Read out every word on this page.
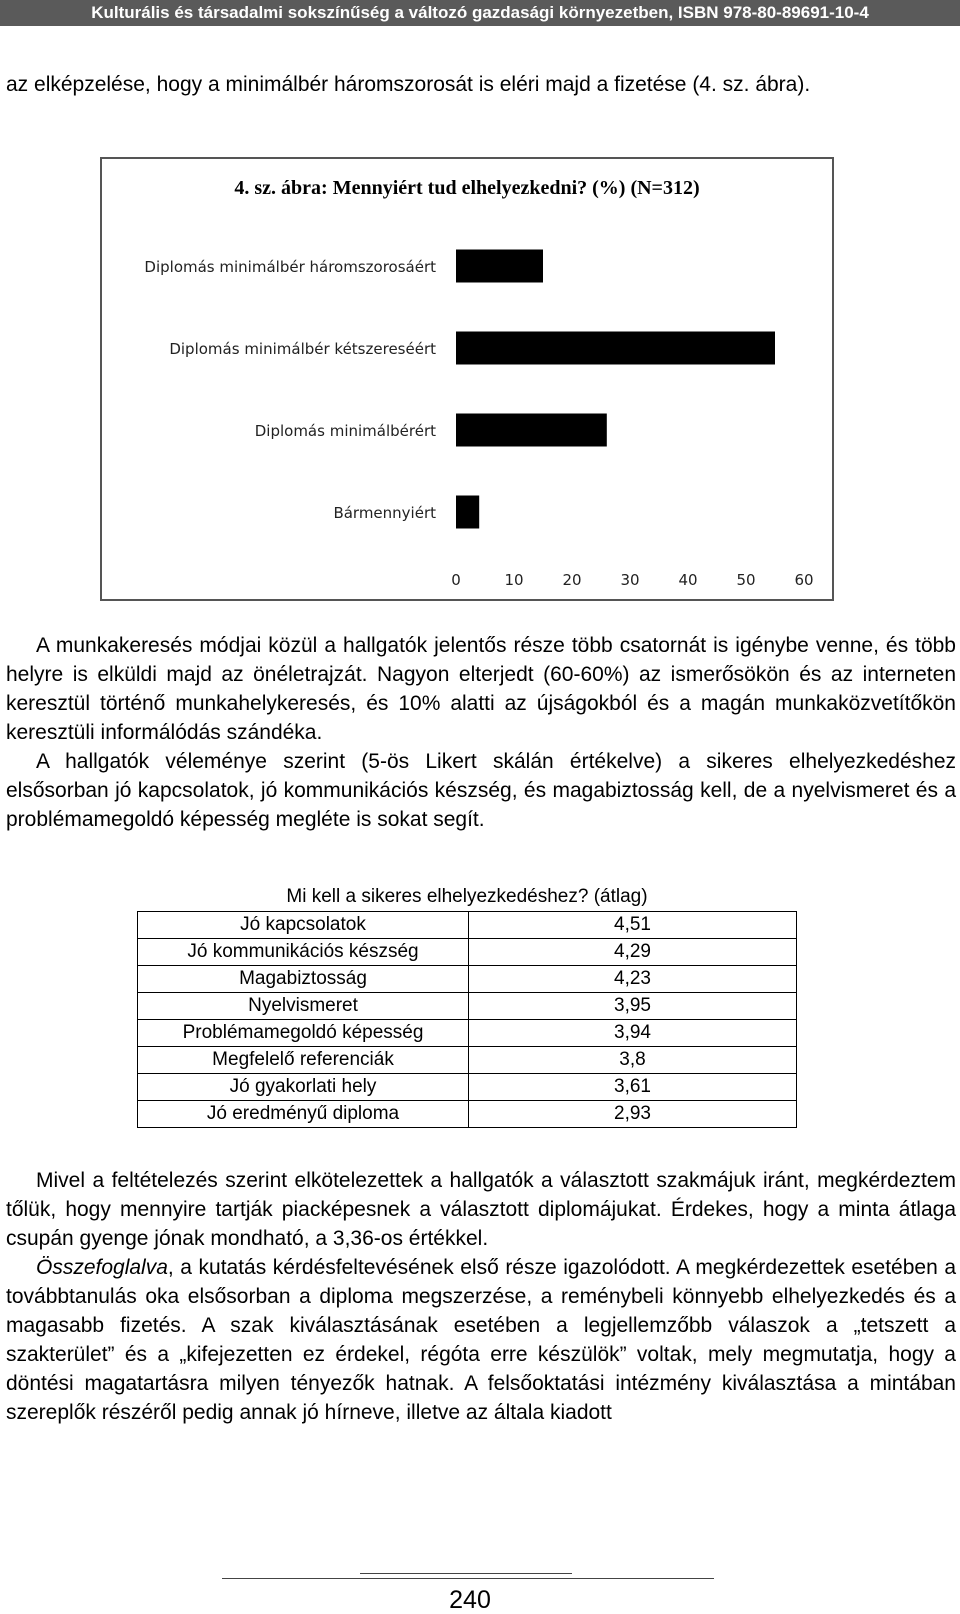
Kulturális és társadalmi sokszínűség a változó gazdasági környezetben, ISBN 978-80-89691-10-4

az elképzelése, hogy a minimálbér háromszorosát is eléri majd a fizetése (4. sz. ábra).

4. sz. ábra: Mennyiért tud elhelyezkedni? (%) (N=312)
Diplomás minimálbér háromszorosáért
Diplomás minimálbér kétszereséért
Diplomás minimálbérért
Bármennyiért
0	10	20	30	40	50	60

A munkakeresés módjai közül a hallgatók jelentős része több csatornát is igénybe venne, és több helyre is elküldi majd az önéletrajzát. Nagyon elterjedt (60-60%) az ismerősökön és az interneten keresztül történő munkahelykeresés, és 10% alatti az újságokból és a magán munkaközvetítőkön keresztüli informálódás szándéka.

A hallgatók véleménye szerint (5-ös Likert skálán értékelve) a sikeres elhelyezkedéshez elsősorban jó kapcsolatok, jó kommunikációs készség, és magabiztosság kell, de a nyelvismeret és a problémamegoldó képesség megléte is sokat segít.

Mi kell a sikeres elhelyezkedéshez? (átlag)

Jó kapcsolatok	4,51
Jó kommunikációs készség	4,29
Magabiztosság	4,23
Nyelvismeret	3,95
Problémamegoldó képesség	3,94
Megfelelő referenciák	3,8
Jó gyakorlati hely	3,61
Jó eredményű diploma	2,93

Mivel a feltételezés szerint elkötelezettek a hallgatók a választott szakmájuk iránt, megkérdeztem tőlük, hogy mennyire tartják piacképesnek a választott diplomájukat. Érdekes, hogy a minta átlaga csupán gyenge jónak mondható, a 3,36-os értékkel.

Összefoglalva, a kutatás kérdésfeltevésének első része igazolódott. A megkérdezettek esetében a továbbtanulás oka elsősorban a diploma megszerzése, a reménybeli könnyebb elhelyezkedés és a magasabb fizetés. A szak kiválasztásának esetében a legjellemzőbb válaszok a „tetszett a szakterület” és a „kifejezetten ez érdekel, régóta erre készülök” voltak, mely megmutatja, hogy a döntési magatartásra milyen tényezők hatnak. A felsőoktatási intézmény kiválasztása a mintában szereplők részéről pedig annak jó hírneve, illetve az általa kiadott

240
